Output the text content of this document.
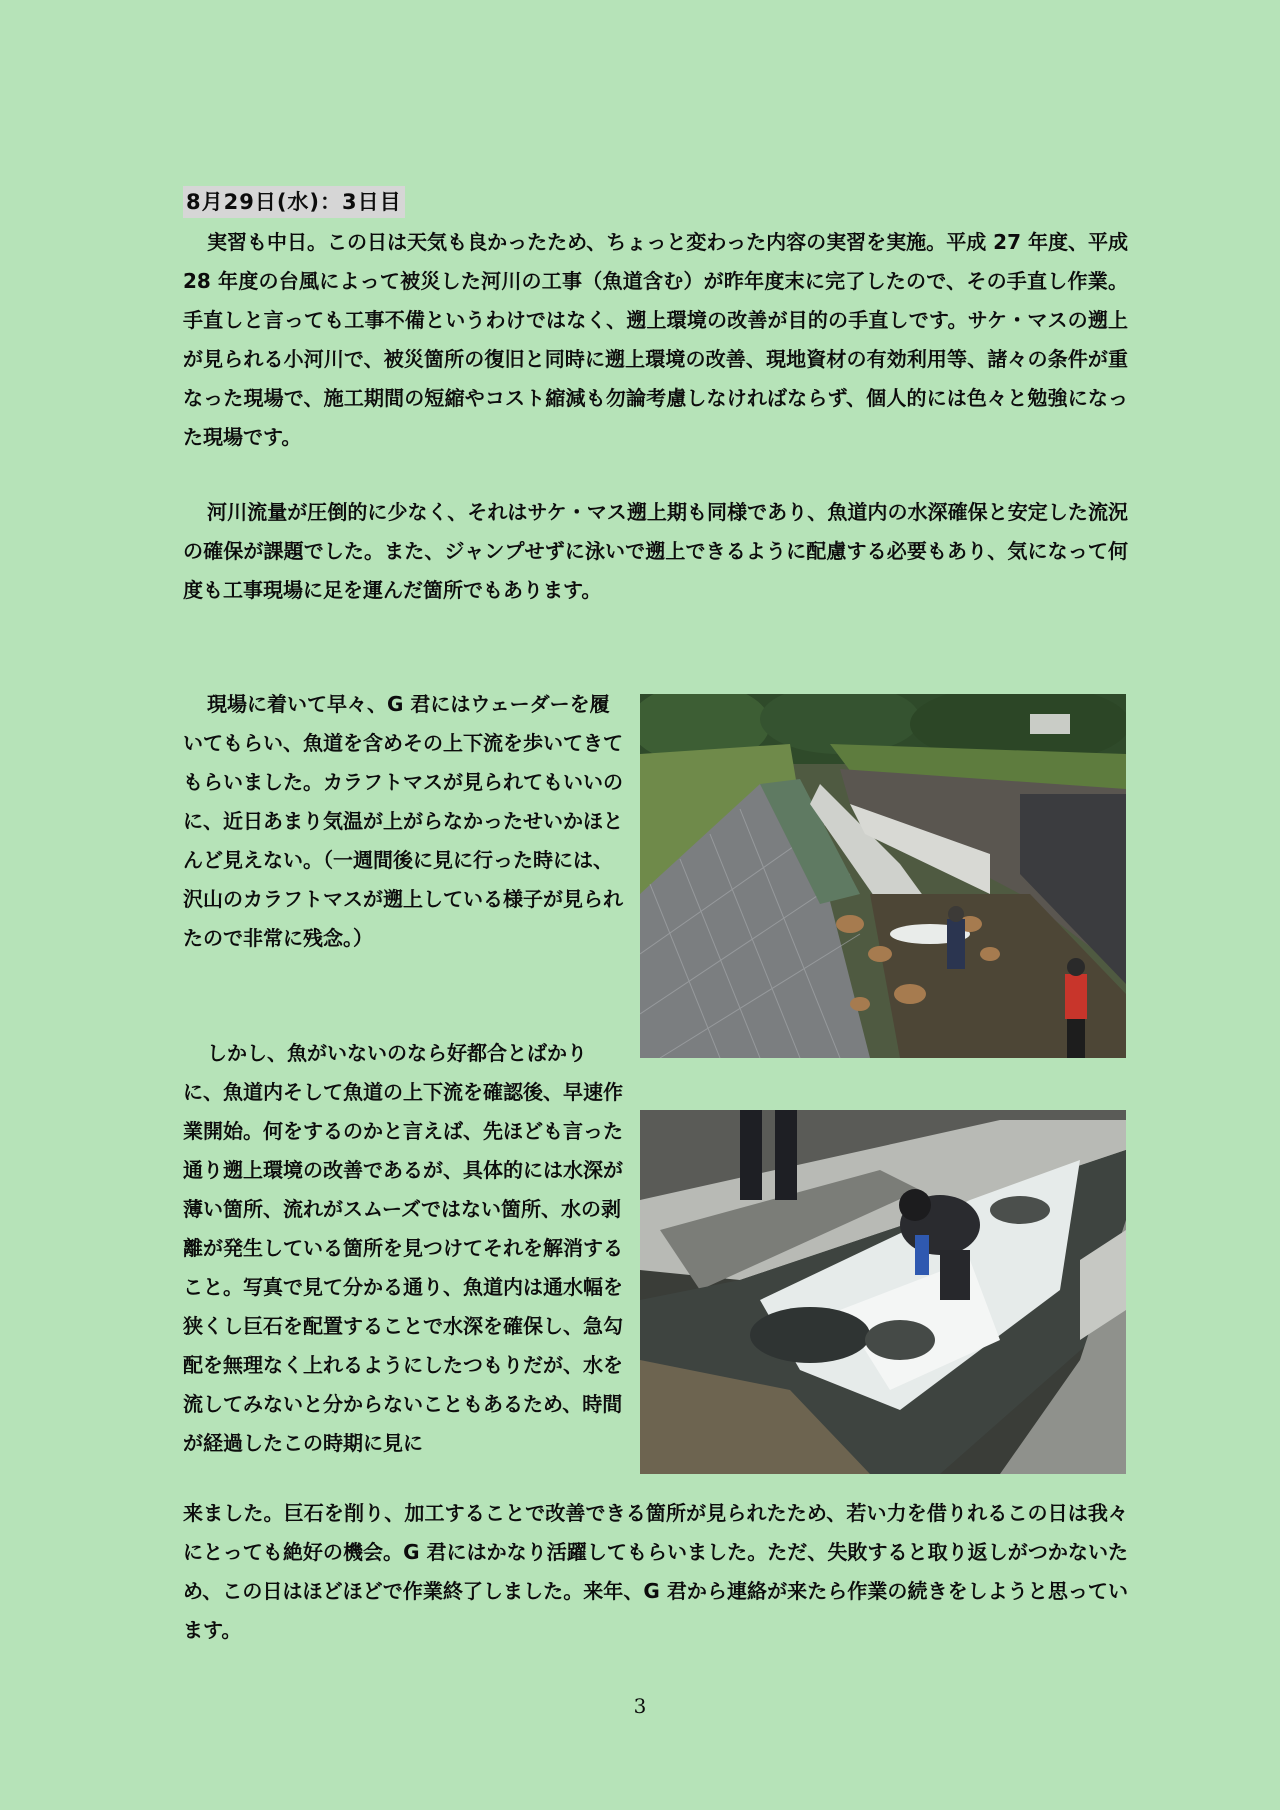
8月29日(水)：3日目

実習も中日。この日は天気も良かったため、ちょっと変わった内容の実習を実施。平成 27 年度、平成 28 年度の台風によって被災した河川の工事（魚道含む）が昨年度末に完了したので、その手直し作業。手直しと言っても工事不備というわけではなく、遡上環境の改善が目的の手直しです。サケ・マスの遡上が見られる小河川で、被災箇所の復旧と同時に遡上環境の改善、現地資材の有効利用等、諸々の条件が重なった現場で、施工期間の短縮やコスト縮減も勿論考慮しなければならず、個人的には色々と勉強になった現場です。

河川流量が圧倒的に少なく、それはサケ・マス遡上期も同様であり、魚道内の水深確保と安定した流況の確保が課題でした。また、ジャンプせずに泳いで遡上できるように配慮する必要もあり、気になって何度も工事現場に足を運んだ箇所でもあります。

現場に着いて早々、G 君にはウェーダーを履いてもらい、魚道を含めその上下流を歩いてきてもらいました。カラフトマスが見られてもいいのに、近日あまり気温が上がらなかったせいかほとんど見えない。（一週間後に見に行った時には、沢山のカラフトマスが遡上している様子が見られたので非常に残念。）

しかし、魚がいないのなら好都合とばかりに、魚道内そして魚道の上下流を確認後、早速作業開始。何をするのかと言えば、先ほども言った通り遡上環境の改善であるが、具体的には水深が薄い箇所、流れがスムーズではない箇所、水の剥離が発生している箇所を見つけてそれを解消すること。写真で見て分かる通り、魚道内は通水幅を狭くし巨石を配置することで水深を確保し、急勾配を無理なく上れるようにしたつもりだが、水を流してみないと分からないこともあるため、時間が経過したこの時期に見に

来ました。巨石を削り、加工することで改善できる箇所が見られたため、若い力を借りれるこの日は我々にとっても絶好の機会。G 君にはかなり活躍してもらいました。ただ、失敗すると取り返しがつかないため、この日はほどほどで作業終了しました。来年、G 君から連絡が来たら作業の続きをしようと思っています。

3
